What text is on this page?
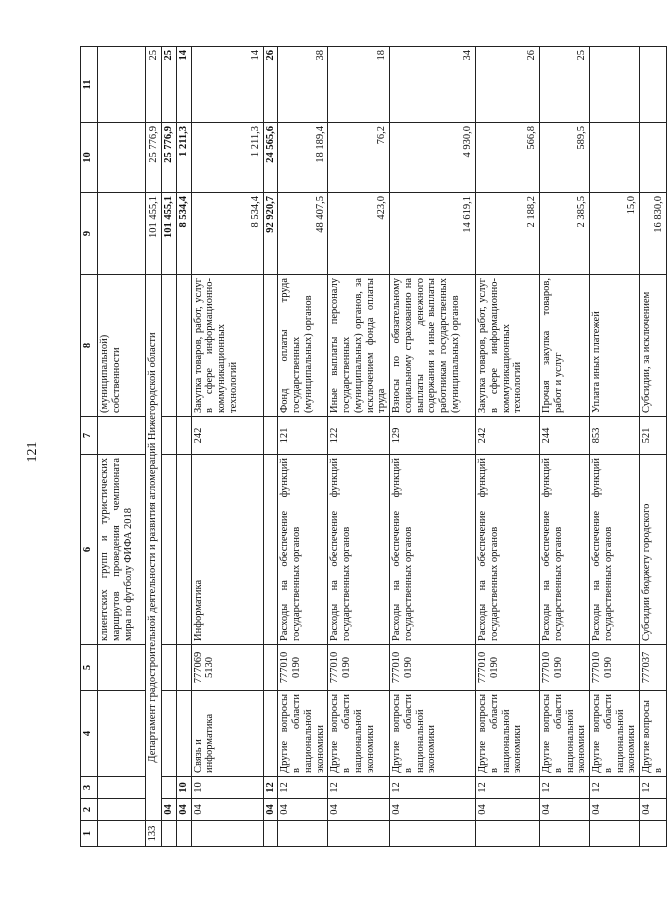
121
1	2	3	4	5	6	7	8	9	10	11
					клиентских групп и туристических маршрутов проведения чемпионата мира по футболу ФИФА 2018		(муниципальной) собственности			
133	Департамент градостроительной деятельности и развития агломераций Нижегородской области							101 455,1	25 776,9	25
	04							101 455,1	25 776,9	25
	04	10						8 534,4	1 211,3	14
	04	10	Связь и информатика	777069 5130	Информатика	242	Закупка товаров, работ, услуг в сфере информационно-коммуникационных технологий	8 534,4	1 211,3	14
	04	12						92 920,7	24 565,6	26
	04	12	Другие вопросы в области национальной экономики	777010 0190	Расходы на обеспечение функций государственных органов	121	Фонд оплаты труда государственных (муниципальных) органов	48 407,5	18 189,4	38
	04	12	Другие вопросы в области национальной экономики	777010 0190	Расходы на обеспечение функций государственных органов	122	Иные выплаты персоналу государственных (муниципальных) органов, за исключением фонда оплаты труда	423,0	76,2	18
	04	12	Другие вопросы в области национальной экономики	777010 0190	Расходы на обеспечение функций государственных органов	129	Взносы по обязательному социальному страхованию на выплаты денежного содержания и иные выплаты работникам государственных (муниципальных) органов	14 619,1	4 930,0	34
	04	12	Другие вопросы в области национальной экономики	777010 0190	Расходы на обеспечение функций государственных органов	242	Закупка товаров, работ, услуг в сфере информационно-коммуникационных технологий	2 188,2	566,8	26
	04	12	Другие вопросы в области национальной экономики	777010 0190	Расходы на обеспечение функций государственных органов	244	Прочая закупка товаров, работ и услуг	2 385,5	589,5	25
	04	12	Другие вопросы в области национальной экономики	777010 0190	Расходы на обеспечение функций государственных органов	853	Уплата иных платежей	15,0		
	04	12	Другие вопросы в	777037	Субсидии бюджету городского	521	Субсидии, за исключением	16 830,0		
